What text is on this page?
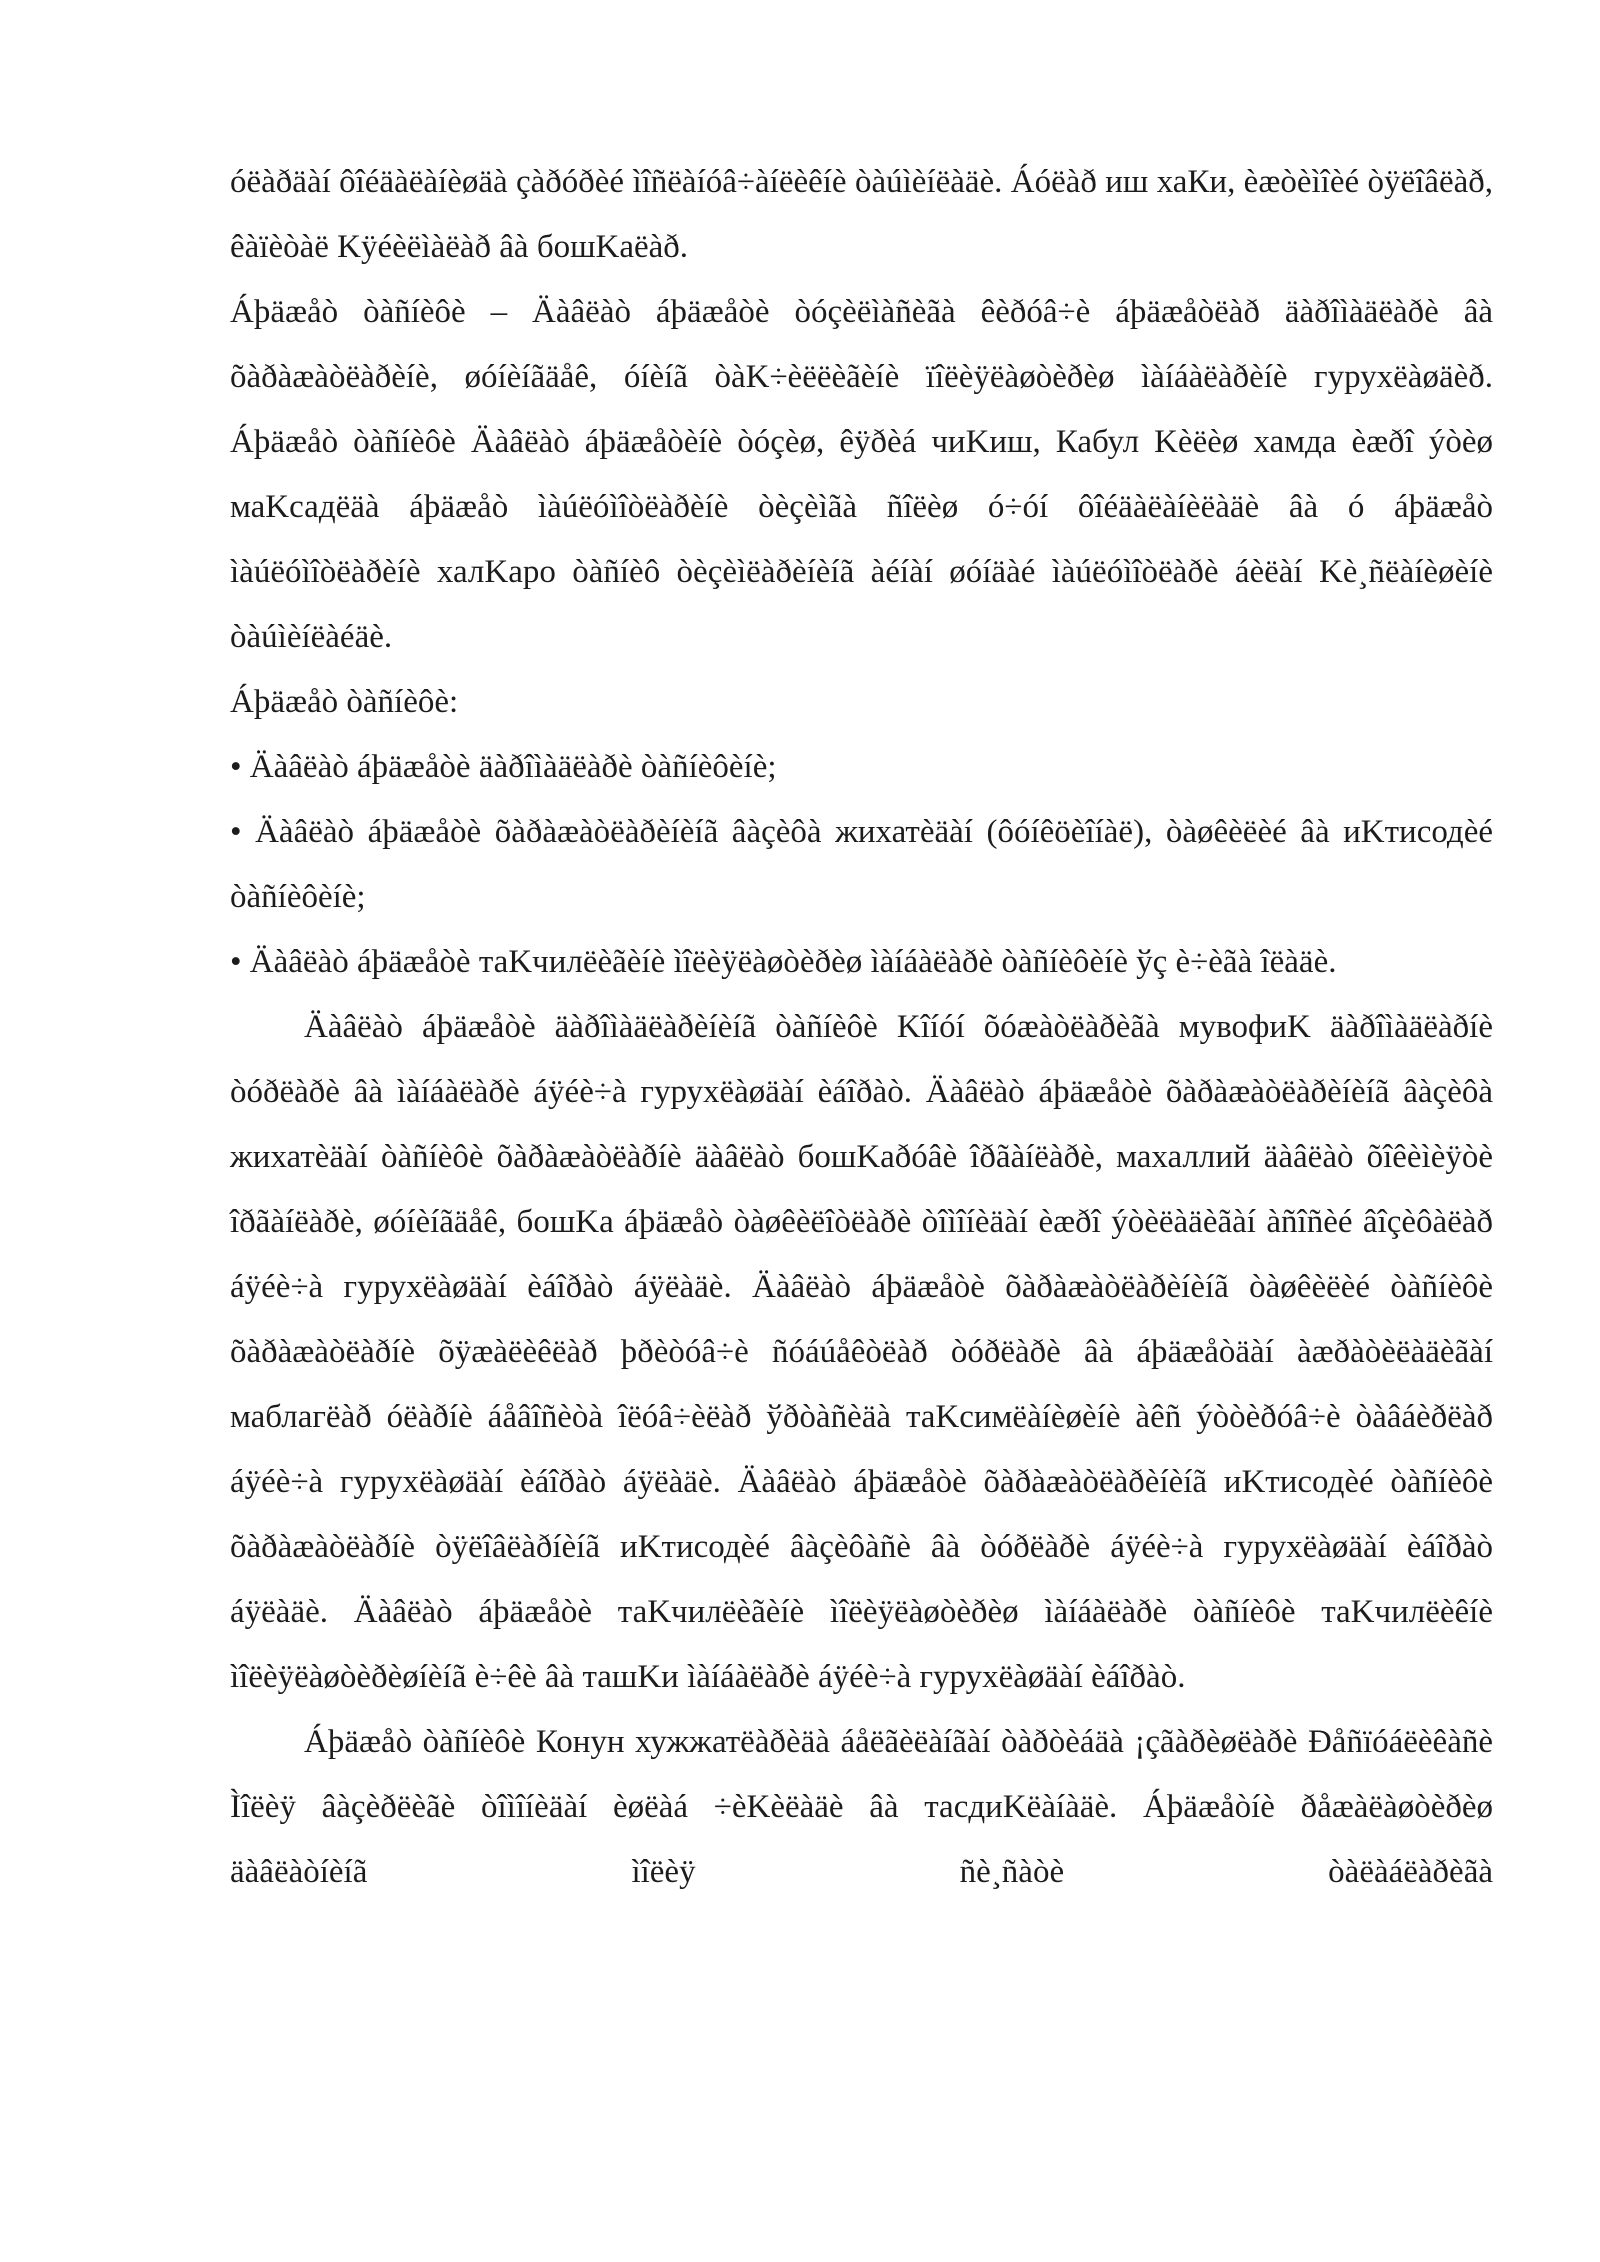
óëàðäàí ôîéäàëàíèøäà çàðóðèé ìîñëàíóâ÷àíëèêíè òàúìèíëàäè. Áóëàð иш хаКи, èæòèìîèé òÿëîâëàð, êàïèòàë Kÿéèëìàëàð âà бошKaëàð.

Áþäæåò òàñíèôè – Äàâëàò áþäæåòè òóçèëìàñèãà êèðóâ÷è áþäæåòëàð äàðîìàäëàðè âà õàðàæàòëàðèíè, øóíèíãäåê, óíèíã òàK÷èëëèãèíè ïîëèÿëàøòèðèø ìàíáàëàðèíè гурухëàøäèð. Áþäæåò òàñíèôè Äàâëàò áþäæåòèíè òóçèø, êÿðèá чиKиш, Кабул Kèëèø хамда èæðî ýòèø маKсадëäà áþäæåò ìàúëóìîòëàðèíè òèçèìãà ñîëèø ó÷óí ôîéäàëàíèëàäè âà ó áþäæåò ìàúëóìîòëàðèíè халKаро òàñíèô òèçèìëàðèíèíã àéíàí øóíäàé ìàúëóìîòëàðè áèëàí Kè¸ñëàíèøèíè òàúìèíëàéäè.

Áþäæåò òàñíèôè:

• Äàâëàò áþäæåòè äàðîìàäëàðè òàñíèôèíè;

• Äàâëàò áþäæåòè õàðàæàòëàðèíèíã âàçèôà жихатèäàí (ôóíêöèîíàë), òàøêèëèé âà иKтисодèé òàñíèôèíè;

• Äàâëàò áþäæåòè таKчилëèãèíè ìîëèÿëàøòèðèø ìàíáàëàðè òàñíèôèíè ўç è÷èãà îëàäè.

Äàâëàò áþäæåòè äàðîìàäëàðèíèíã òàñíèôè Kîíóí õóæàòëàðèãà мувофиK äàðîìàäëàðíè òóðëàðè âà ìàíáàëàðè áÿéè÷à гурухëàøäàí èáîðàò. Äàâëàò áþäæåòè õàðàæàòëàðèíèíã âàçèôà жихатèäàí òàñíèôè õàðàæàòëàðíè äàâëàò бошKaðóâè îðãàíëàðè, махаллий äàâëàò õîêèìèÿòè îðãàíëàðè, øóíèíãäåê, бошKа áþäæåò òàøêèëîòëàðè òîìîíèäàí èæðî ýòèëàäèãàí àñîñèé âîçèôàëàð áÿéè÷à гурухëàøäàí èáîðàò áÿëàäè. Äàâëàò áþäæåòè õàðàæàòëàðèíèíã òàøêèëèé òàñíèôè õàðàæàòëàðíè õÿæàëèêëàð þðèòóâ÷è ñóáúåêòëàð òóðëàðè âà áþäæåòäàí àæðàòèëàäèãàí маблагëàð óëàðíè áåâîñèòà îëóâ÷èëàð ўðòàñèäà таKсимëàíèøèíè àêñ ýòòèðóâ÷è òàâáèðëàð áÿéè÷à гурухëàøäàí èáîðàò áÿëàäè. Äàâëàò áþäæåòè õàðàæàòëàðèíèíã иKтисодèé òàñíèôè õàðàæàòëàðíè òÿëîâëàðíèíã иKтисодèé âàçèôàñè âà òóðëàðè áÿéè÷à гурухëàøäàí èáîðàò áÿëàäè. Äàâëàò áþäæåòè таKчилëèãèíè ìîëèÿëàøòèðèø ìàíáàëàðè òàñíèôè таKчилëèêíè ìîëèÿëàøòèðèøíèíã è÷êè âà ташKи ìàíáàëàðè áÿéè÷à гурухëàøäàí èáîðàò.

Áþäæåò òàñíèôè Конун хужжатëàðèäà áåëãèëàíãàí òàðòèáäà ¡çãàðèøëàðè Ðåñïóáëèêàñè Ìîëèÿ âàçèðëèãè òîìîíèäàí èøëàá ÷èKèëàäè âà тасдиKëàíàäè. Áþäæåòíè ðåæàëàøòèðèø äàâëàòíèíã ìîëèÿ ñè¸ñàòè òàëàáëàðèãà
